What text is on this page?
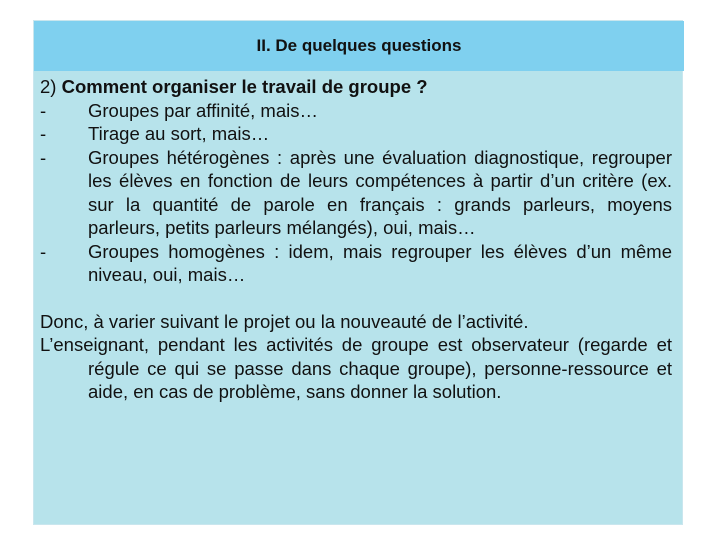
II. De quelques questions
2) Comment organiser le travail de groupe ?
-	Groupes par affinité, mais…
-	Tirage au sort, mais…
-	Groupes hétérogènes : après une évaluation diagnostique, regrouper les élèves en fonction de leurs compétences à partir d’un critère (ex. sur la quantité de parole en français : grands parleurs, moyens parleurs, petits parleurs mélangés), oui, mais…
-	Groupes homogènes : idem, mais regrouper les élèves d’un même niveau, oui, mais…
Donc, à varier suivant le projet ou la nouveauté de l’activité.
L’enseignant, pendant les activités de groupe est observateur (regarde et régule ce qui se passe dans chaque groupe), personne-ressource et aide, en cas de problème, sans donner la solution.
